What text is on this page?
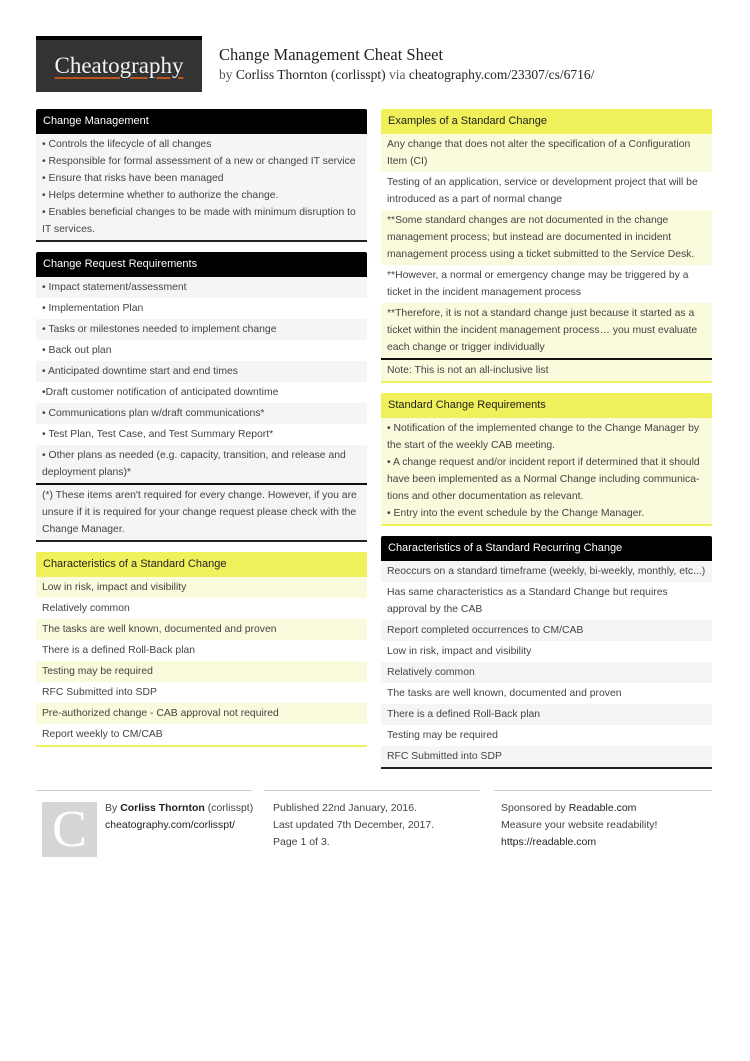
Cheatography Change Management Cheat Sheet
by Corliss Thornton (corlisspt) via cheatography.com/23307/cs/6716/
Change Management
• Controls the lifecycle of all changes
• Responsible for formal assessment of a new or changed IT service
• Ensure that risks have been managed
• Helps determine whether to authorize the change.
• Enables beneficial changes to be made with minimum disruption to IT services.
Change Request Requirements
• Impact statement/assessment
• Implementation Plan
• Tasks or milestones needed to implement change
• Back out plan
• Anticipated downtime start and end times
•Draft customer notification of anticipated downtime
• Communications plan w/draft communications*
• Test Plan, Test Case, and Test Summary Report*
• Other plans as needed (e.g. capacity, transition, and release and deployment plans)*
(*) These items aren't required for every change. However, if you are unsure if it is required for your change request please check with the Change Manager.
Characteristics of a Standard Change
Low in risk, impact and visibility
Relatively common
The tasks are well known, documented and proven
There is a defined Roll-Back plan
Testing may be required
RFC Submitted into SDP
Pre-authorized change - CAB approval not required
Report weekly to CM/CAB
Examples of a Standard Change
Any change that does not alter the specification of a Configuration Item (CI)
Testing of an application, service or development project that will be introduced as a part of normal change
**Some standard changes are not documented in the change management process; but instead are documented in incident management process using a ticket submitted to the Service Desk.
**However, a normal or emergency change may be triggered by a ticket in the incident management process
**Therefore, it is not a standard change just because it started as a ticket within the incident management process… you must evaluate each change or trigger individually
Note: This is not an all-inclusive list
Standard Change Requirements
• Notification of the implemented change to the Change Manager by the start of the weekly CAB meeting.
• A change request and/or incident report if determined that it should have been implemented as a Normal Change including communica-tions and other documentation as relevant.
• Entry into the event schedule by the Change Manager.
Characteristics of a Standard Recurring Change
Reoccurs on a standard timeframe (weekly, bi-weekly, monthly, etc...)
Has same characteristics as a Standard Change but requires approval by the CAB
Report completed occurrences to CM/CAB
Low in risk, impact and visibility
Relatively common
The tasks are well known, documented and proven
There is a defined Roll-Back plan
Testing may be required
RFC Submitted into SDP
C	By Corliss Thornton (corlisspt)
cheatography.com/corlisspt/
Published 22nd January, 2016.
Last updated 7th December, 2017.
Page 1 of 3.
Sponsored by Readable.com
Measure your website readability!
https://readable.com
